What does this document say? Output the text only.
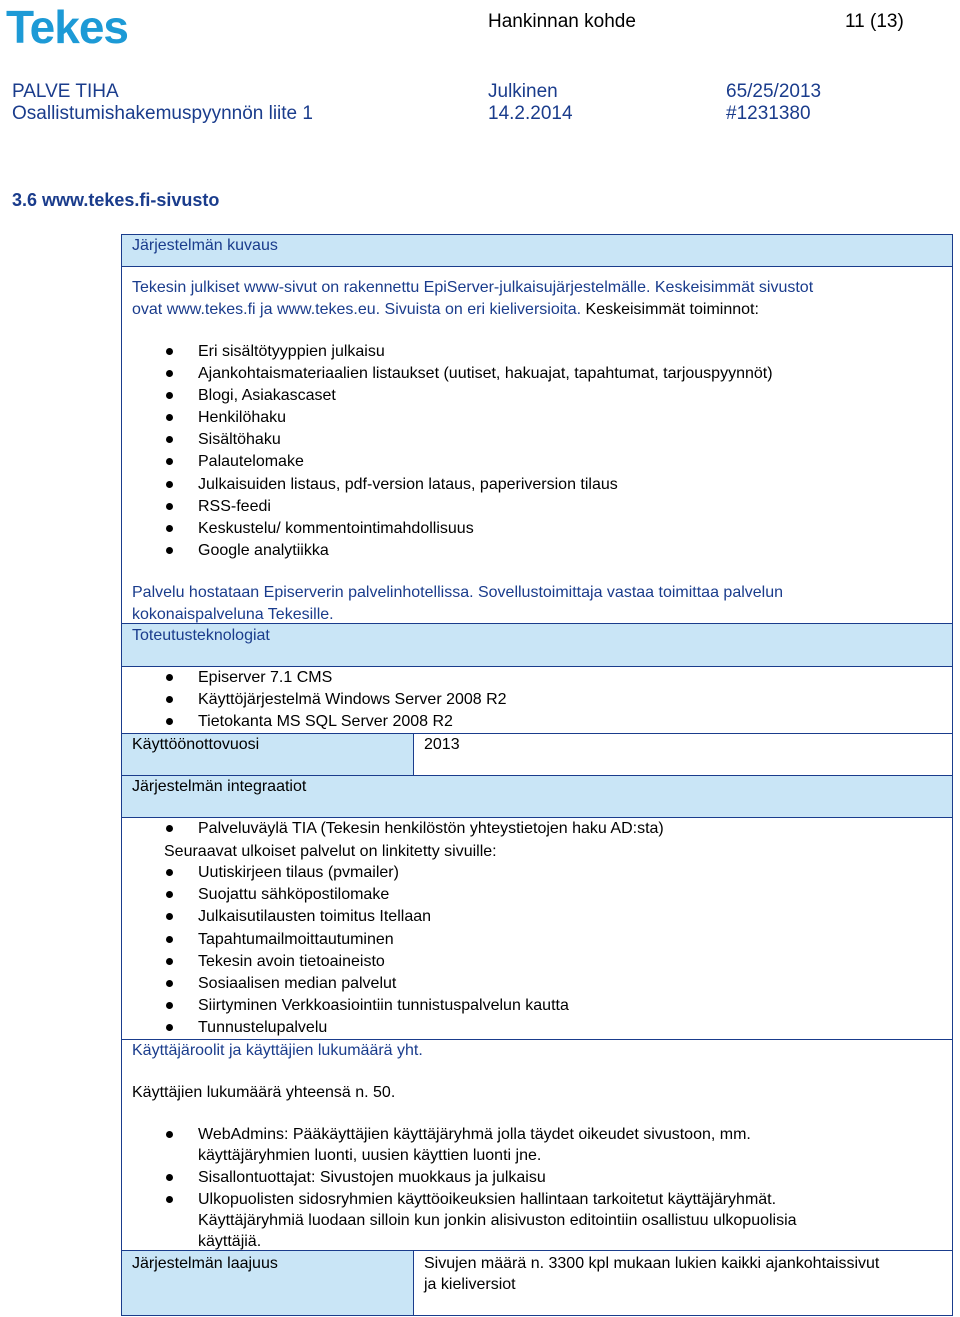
Tekes	Hankinnan kohde	11 (13)
PALVE TIHA
Osallistumishakemuspyynnön liite 1
Julkinen
14.2.2014
65/25/2013
#1231380
3.6 www.tekes.fi-sivusto
Järjestelmän kuvaus
Tekesin julkiset www-sivut on rakennettu EpiServer-julkaisujärjestelmälle. Keskeisimmät sivustot
ovat www.tekes.fi ja www.tekes.eu. Sivuista on eri kieliversioita. Keskeisimmät toiminnot:
Eri sisältötyyppien julkaisu
Ajankohtaismateriaalien listaukset (uutiset, hakuajat, tapahtumat, tarjouspyynnöt)
Blogi, Asiakascaset
Henkilöhaku
Sisältöhaku
Palautelomake
Julkaisuiden listaus, pdf-version lataus, paperiversion tilaus
RSS-feedi
Keskustelu/ kommentointimahdollisuus
Google analytiikka
Palvelu hostataan Episerverin palvelinhotellissa. Sovellustoimittaja vastaa toimittaa palvelun
kokonaispalveluna Tekesille.
Toteutusteknologiat
Episerver 7.1 CMS
Käyttöjärjestelmä Windows Server 2008 R2
Tietokanta MS SQL Server 2008 R2
Käyttöönottovuosi	2013
Järjestelmän integraatiot
Palveluväylä TIA (Tekesin henkilöstön yhteystietojen haku AD:sta)
Seuraavat ulkoiset palvelut on linkitetty sivuille:
Uutiskirjeen tilaus (pvmailer)
Suojattu sähköpostilomake
Julkaisutilausten toimitus Itellaan
Tapahtumailmoittautuminen
Tekesin avoin tietoaineisto
Sosiaalisen median palvelut
Siirtyminen Verkkoasiointiin tunnistuspalvelun kautta
Tunnustelupalvelu
Käyttäjäroolit ja käyttäjien lukumäärä yht.
Käyttäjien lukumäärä yhteensä n. 50.
WebAdmins: Pääkäyttäjien käyttäjäryhmä jolla täydet oikeudet sivustoon, mm.
käyttäjäryhmien luonti, uusien käyttien luonti jne.
Sisallontuottajat: Sivustojen muokkaus ja julkaisu
Ulkopuolisten sidosryhmien käyttöoikeuksien hallintaan tarkoitetut käyttäjäryhmät.
Käyttäjäryhmiä luodaan silloin kun jonkin alisivuston editointiin osallistuu ulkopuolisia
käyttäjiä.
Järjestelmän laajuus	Sivujen määrä n. 3300 kpl mukaan lukien kaikki ajankohtaissivut
ja kieliversiot
